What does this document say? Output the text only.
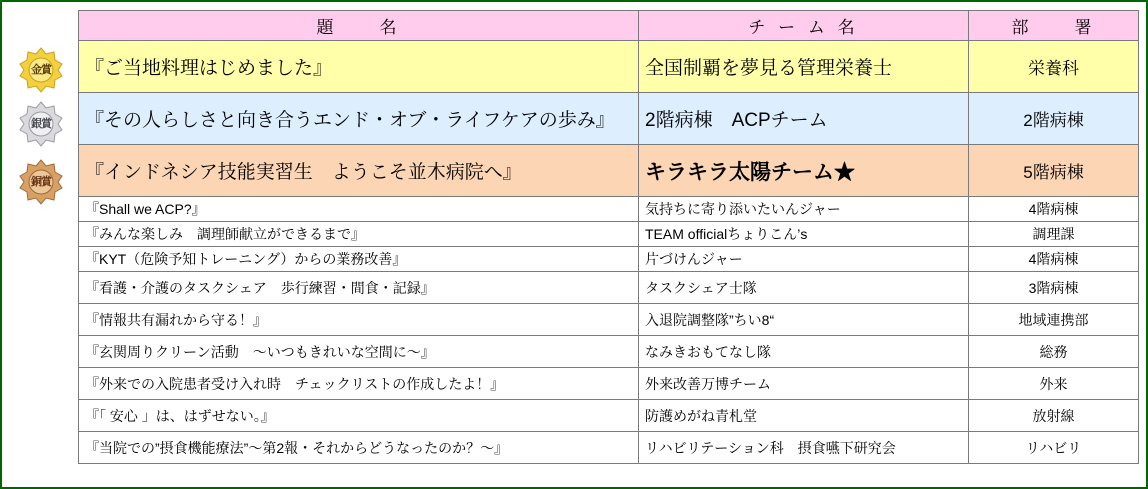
金賞
銀賞
銅賞
題　　名	チ ー ム 名	部　　署
『ご当地料理はじめました』	全国制覇を夢見る管理栄養士	栄養科
『その人らしさと向き合うエンド・オブ・ライフケアの歩み』	2階病棟　ACPチーム	2階病棟
『インドネシア技能実習生　ようこそ並木病院へ』	キラキラ太陽チーム★	5階病棟
『Shall we ACP?』	気持ちに寄り添いたいんジャー	4階病棟
『みんな楽しみ　調理師献立ができるまで』	TEAM officialちょりこん’s	調理課
『KYT（危険予知トレーニング）からの業務改善』	片づけんジャー	4階病棟
『看護・介護のタスクシェア　歩行練習・間食・記録』	タスクシェア士隊	3階病棟
『情報共有漏れから守る！』	入退院調整隊”ちい8“	地域連携部
『玄関周りクリーン活動　～いつもきれいな空間に～』	なみきおもてなし隊	総務
『外来での入院患者受け入れ時　チェックリストの作成したよ！』	外来改善万博チーム	外来
『「 安心 」は、はずせない。』	防護めがね青札堂	放射線
『当院での”摂食機能療法”～第2報・それからどうなったのか？～』	リハビリテーション科　摂食嚥下研究会	リハビリ
